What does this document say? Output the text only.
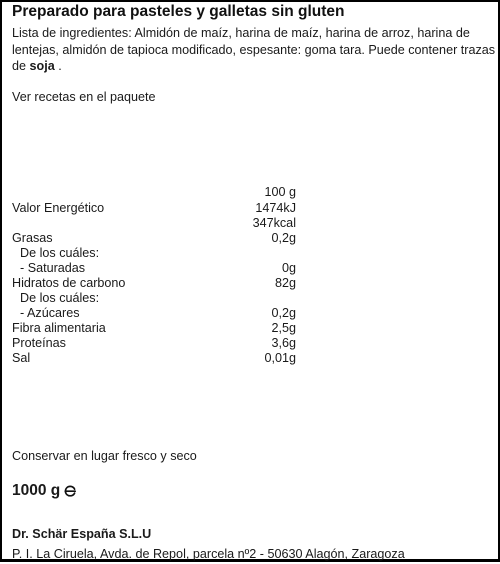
Preparado para pasteles y galletas sin gluten
Lista de ingredientes: Almidón de maíz, harina de maíz, harina de arroz, harina de lentejas, almidón de tapioca modificado, espesante: goma tara. Puede contener trazas de soja .
Ver recetas en el paquete
100 g
Valor Energético	1474kJ
347kcal
Grasas	0,2g
De los cuáles:
- Saturadas	0g
Hidratos de carbono	82g
De los cuáles:
- Azúcares	0,2g
Fibra alimentaria	2,5g
Proteínas	3,6g
Sal	0,01g
Conservar en lugar fresco y seco
1000 g
Dr. Schär España S.L.U
P. I. La Ciruela, Avda. de Repol, parcela nº2 - 50630 Alagón, Zaragoza
